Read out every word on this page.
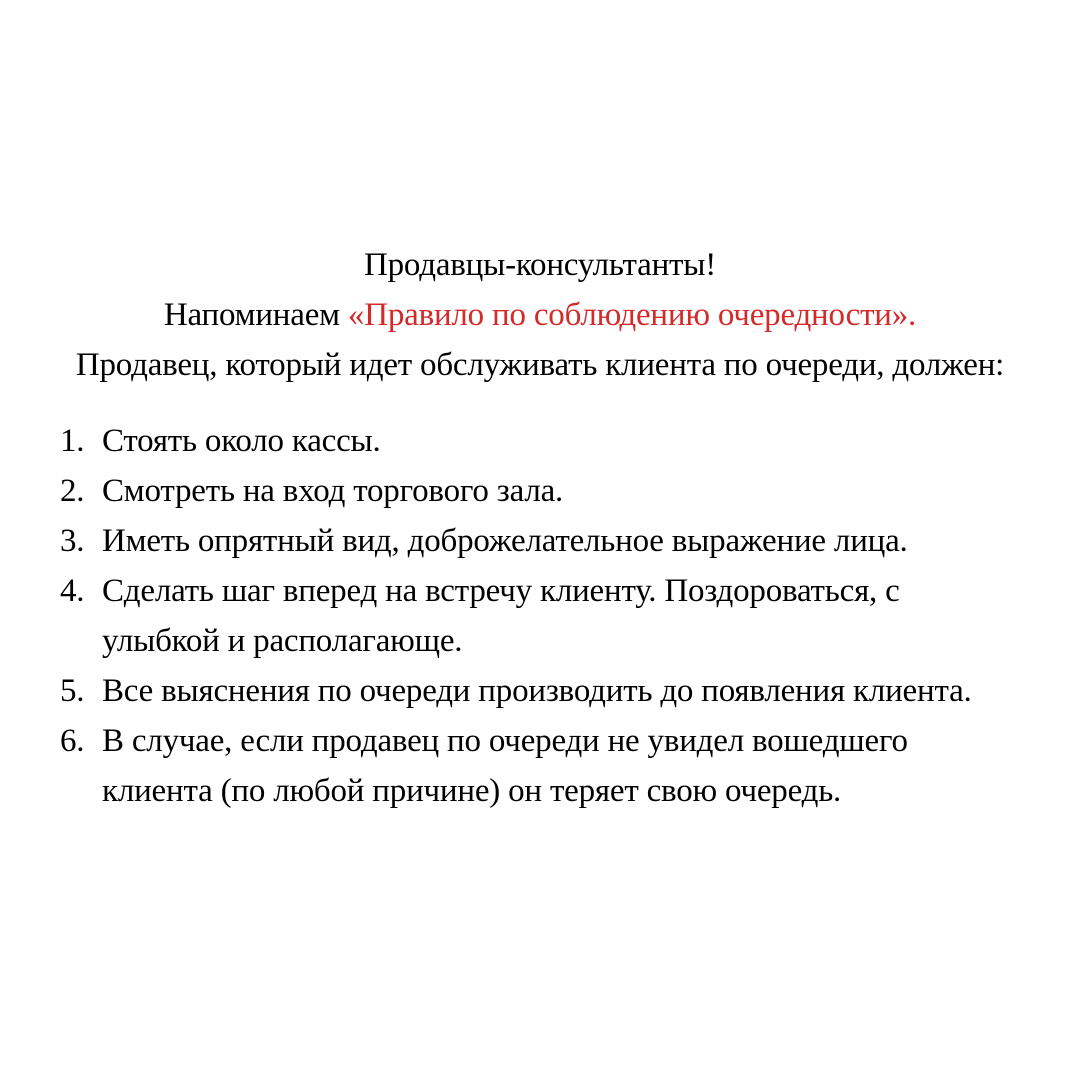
Продавцы-консультанты!
Напоминаем «Правило по соблюдению очередности».
Продавец, который идет обслуживать клиента по очереди, должен:
1. Стоять около кассы.
2. Смотреть на вход торгового зала.
3. Иметь опрятный вид, доброжелательное выражение лица.
4. Сделать шаг вперед на встречу клиенту. Поздороваться, с
улыбкой и располагающе.
5. Все выяснения по очереди производить до появления клиента.
6. В случае, если продавец по очереди не увидел вошедшего
клиента (по любой причине) он теряет свою очередь.
